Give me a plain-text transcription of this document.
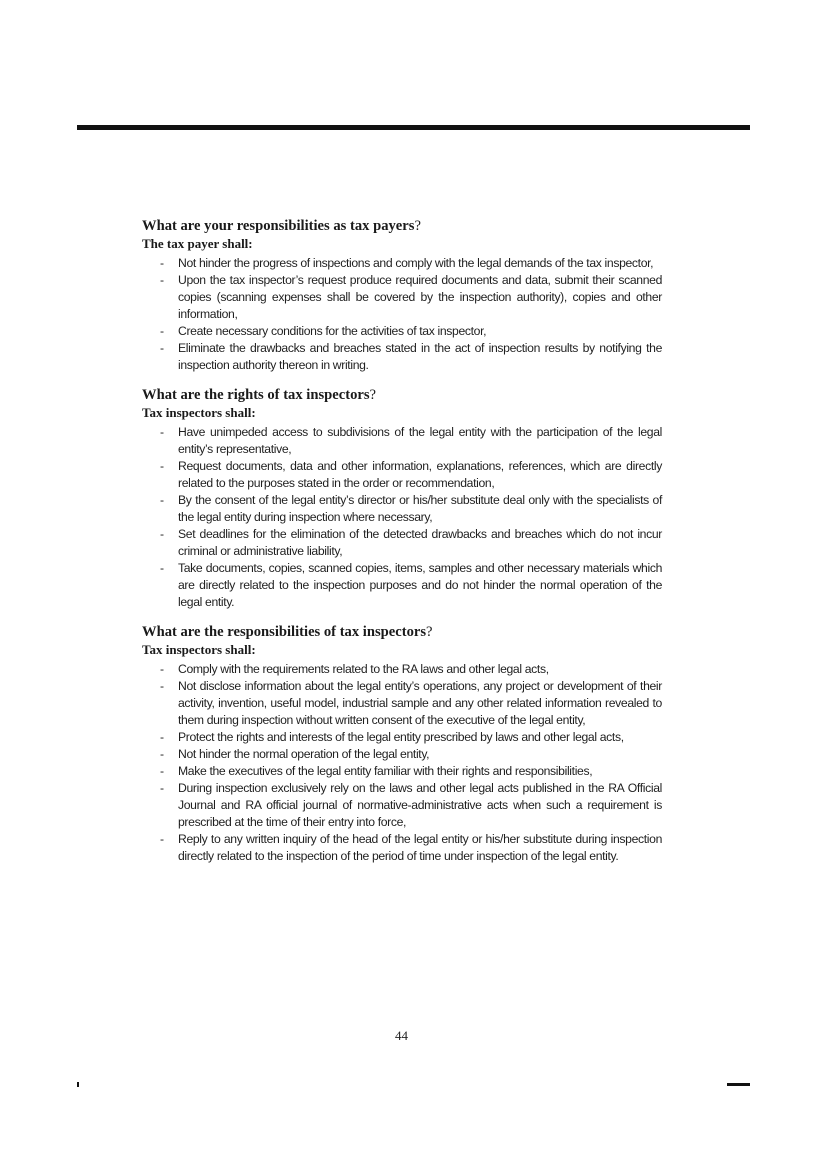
What are your responsibilities as tax payers?
The tax payer shall:
- Not hinder the progress of inspections and comply with the legal demands of the tax inspector,
- Upon the tax inspector’s request produce required documents and data, submit their scanned copies (scanning expenses shall be covered by the inspection authority), copies and other information,
- Create necessary conditions for the activities of tax inspector,
- Eliminate the drawbacks and breaches stated in the act of inspection results by notifying the inspection authority thereon in writing.
What are the rights of tax inspectors?
Tax inspectors shall:
- Have unimpeded access to subdivisions of the legal entity with the participation of the legal entity’s representative,
- Request documents, data and other information, explanations, references, which are directly related to the purposes stated in the order or recommendation,
- By the consent of the legal entity’s director or his/her substitute deal only with the specialists of the legal entity during inspection where necessary,
- Set deadlines for the elimination of the detected drawbacks and breaches which do not incur criminal or administrative liability,
- Take documents, copies, scanned copies, items, samples and other necessary materials which are directly related to the inspection purposes and do not hinder the normal operation of the legal entity.
What are the responsibilities of tax inspectors?
Tax inspectors shall:
- Comply with the requirements related to the RA laws and other legal acts,
- Not disclose information about the legal entity’s operations, any project or development of their activity, invention, useful model, industrial sample and any other related information revealed to them during inspection without written consent of the executive of the legal entity,
- Protect the rights and interests of the legal entity prescribed by laws and other legal acts,
- Not hinder the normal operation of the legal entity,
- Make the executives of the legal entity familiar with their rights and responsibilities,
- During inspection exclusively rely on the laws and other legal acts published in the RA Official Journal and RA official journal of normative-administrative acts when such a requirement is prescribed at the time of their entry into force,
- Reply to any written inquiry of the head of the legal entity or his/her substitute during inspection directly related to the inspection of the period of time under inspection of the legal entity.
44
